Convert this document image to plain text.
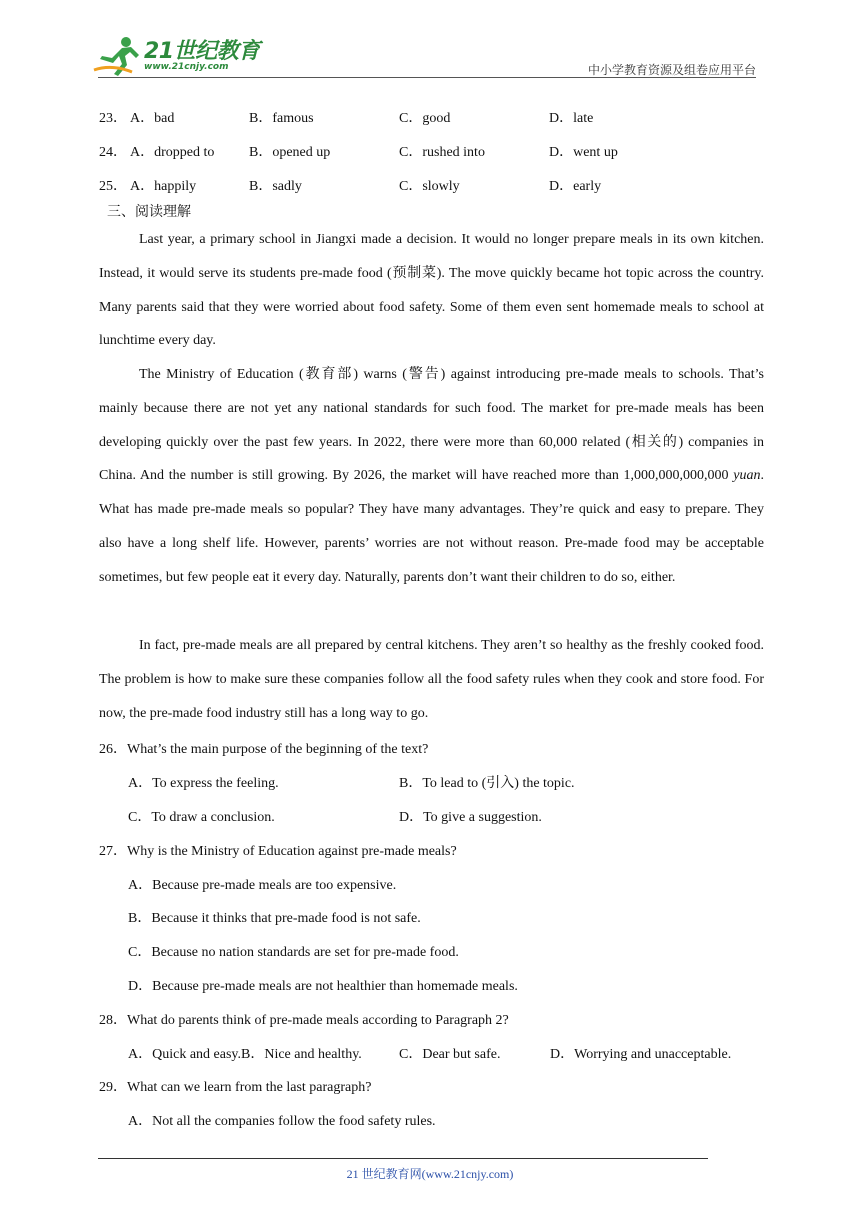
21世纪教育
www.21cnjy.com	中小学教育资源及组卷应用平台
23． A．bad	B．famous	C．good	D．late
24． A．dropped to B．opened up	C．rushed into	D．went up
25． A．happily	B．sadly	C．slowly	D．early
三、阅读理解

Last year, a primary school in Jiangxi made a decision. It would no longer prepare meals in its own kitchen. Instead, it would serve its students pre-made food (预制菜). The move quickly became hot topic across the country. Many parents said that they were worried about food safety. Some of them even sent homemade meals to school at lunchtime every day.

The Ministry of Education (教育部) warns (警告) against introducing pre-made meals to schools. That’s mainly because there are not yet any national standards for such food. The market for pre-made meals has been developing quickly over the past few years. In 2022, there were more than 60,000 related (相关的) companies in China. And the number is still growing. By 2026, the market will have reached more than 1,000,000,000,000 yuan. What has made pre-made meals so popular? They have many advantages. They’re quick and easy to prepare. They also have a long shelf life. However, parents’ worries are not without reason. Pre-made food may be acceptable sometimes, but few people eat it every day. Naturally, parents don’t want their children to do so, either.

In fact, pre-made meals are all prepared by central kitchens. They aren’t so healthy as the freshly cooked food. The problem is how to make sure these companies follow all the food safety rules when they cook and store food. For now, the pre-made food industry still has a long way to go.

26．What’s the main purpose of the beginning of the text?
A．To express the feeling.	B．To lead to (引入) the topic.
C．To draw a conclusion.	D．To give a suggestion.
27．Why is the Ministry of Education against pre-made meals?
A．Because pre-made meals are too expensive.
B．Because it thinks that pre-made food is not safe.
C．Because no nation standards are set for pre-made food.
D．Because pre-made meals are not healthier than homemade meals.
28．What do parents think of pre-made meals according to Paragraph 2?
A．Quick and easy.B．Nice and healthy.	C．Dear but safe.	D．Worrying and unacceptable.
29．What can we learn from the last paragraph?
A．Not all the companies follow the food safety rules.
21 世纪教育网(www.21cnjy.com)
